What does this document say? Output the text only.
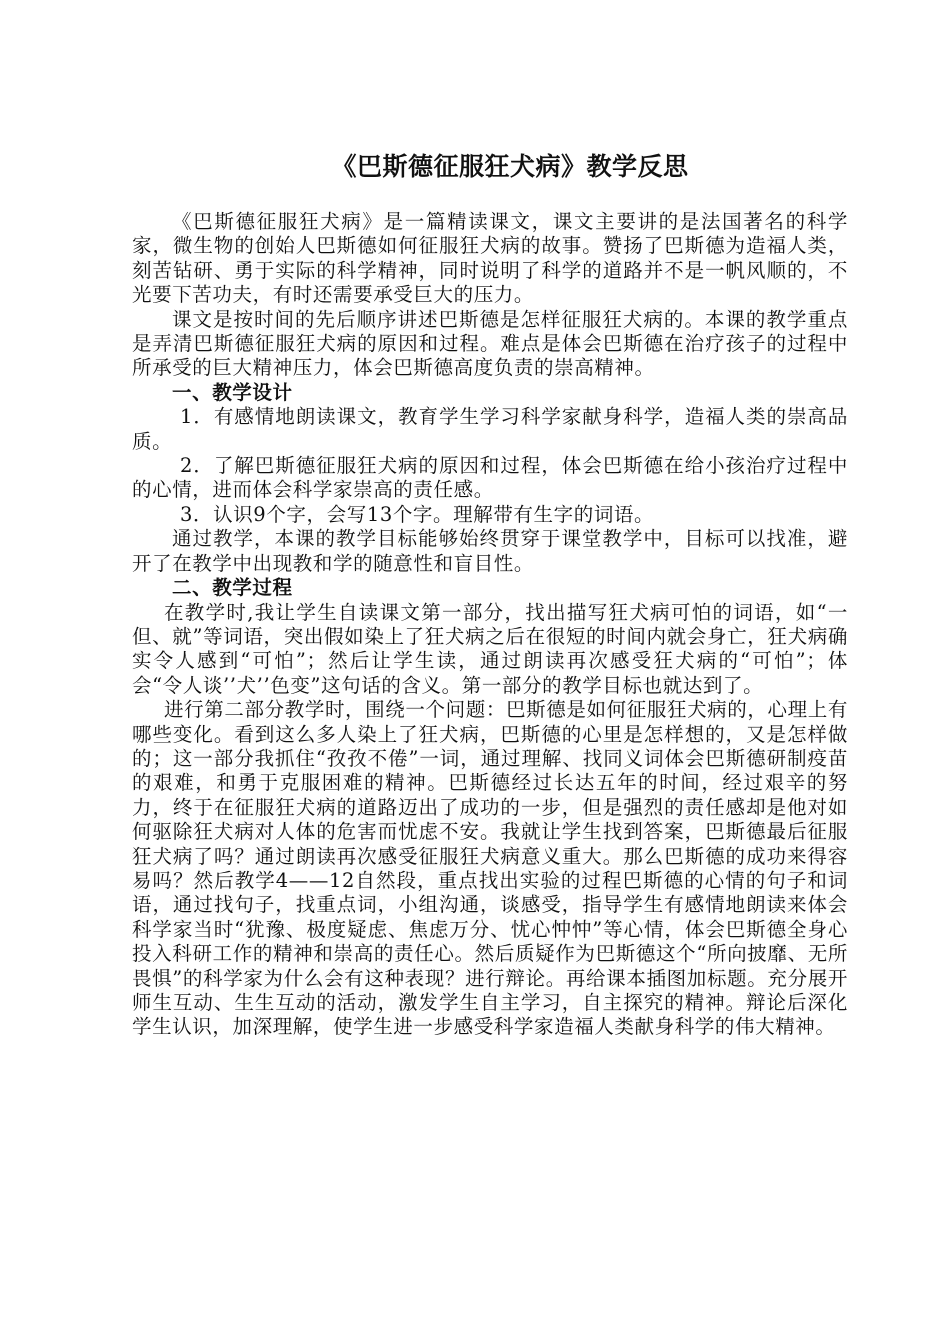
《巴斯德征服狂犬病》教学反思

《巴斯德征服狂犬病》是一篇精读课文，课文主要讲的是法国著名的科学家，微生物的创始人巴斯德如何征服狂犬病的故事。赞扬了巴斯德为造福人类，刻苦钻研、勇于实际的科学精神，同时说明了科学的道路并不是一帆风顺的，不光要下苦功夫，有时还需要承受巨大的压力。

课文是按时间的先后顺序讲述巴斯德是怎样征服狂犬病的。本课的教学重点是弄清巴斯德征服狂犬病的原因和过程。难点是体会巴斯德在治疗孩子的过程中所承受的巨大精神压力，体会巴斯德高度负责的崇高精神。

一、教学设计

1．有感情地朗读课文，教育学生学习科学家献身科学，造福人类的崇高品质。

2．了解巴斯德征服狂犬病的原因和过程，体会巴斯德在给小孩治疗过程中的心情，进而体会科学家崇高的责任感。

3．认识9个字，会写13个字。理解带有生字的词语。

通过教学，本课的教学目标能够始终贯穿于课堂教学中，目标可以找准，避开了在教学中出现教和学的随意性和盲目性。

二、教学过程

在教学时,我让学生自读课文第一部分，找出描写狂犬病可怕的词语，如“一但、就”等词语，突出假如染上了狂犬病之后在很短的时间内就会身亡，狂犬病确实令人感到“可怕”；然后让学生读，通过朗读再次感受狂犬病的“可怕”；体会“令人谈’’犬’’色变”这句话的含义。第一部分的教学目标也就达到了。

进行第二部分教学时，围绕一个问题：巴斯德是如何征服狂犬病的，心理上有哪些变化。看到这么多人染上了狂犬病，巴斯德的心里是怎样想的，又是怎样做的；这一部分我抓住“孜孜不倦”一词，通过理解、找同义词体会巴斯德研制疫苗的艰难，和勇于克服困难的精神。巴斯德经过长达五年的时间，经过艰辛的努力，终于在征服狂犬病的道路迈出了成功的一步，但是强烈的责任感却是他对如何驱除狂犬病对人体的危害而忧虑不安。我就让学生找到答案，巴斯德最后征服狂犬病了吗？通过朗读再次感受征服狂犬病意义重大。那么巴斯德的成功来得容易吗？然后教学4——12自然段，重点找出实验的过程巴斯德的心情的句子和词语，通过找句子，找重点词，小组沟通，谈感受，指导学生有感情地朗读来体会科学家当时“犹豫、极度疑虑、焦虑万分、忧心忡忡”等心情，体会巴斯德全身心投入科研工作的精神和崇高的责任心。然后质疑作为巴斯德这个“所向披靡、无所畏惧”的科学家为什么会有这种表现？进行辩论。再给课本插图加标题。充分展开师生互动、生生互动的活动，激发学生自主学习，自主探究的精神。辩论后深化学生认识，加深理解，使学生进一步感受科学家造福人类献身科学的伟大精神。
